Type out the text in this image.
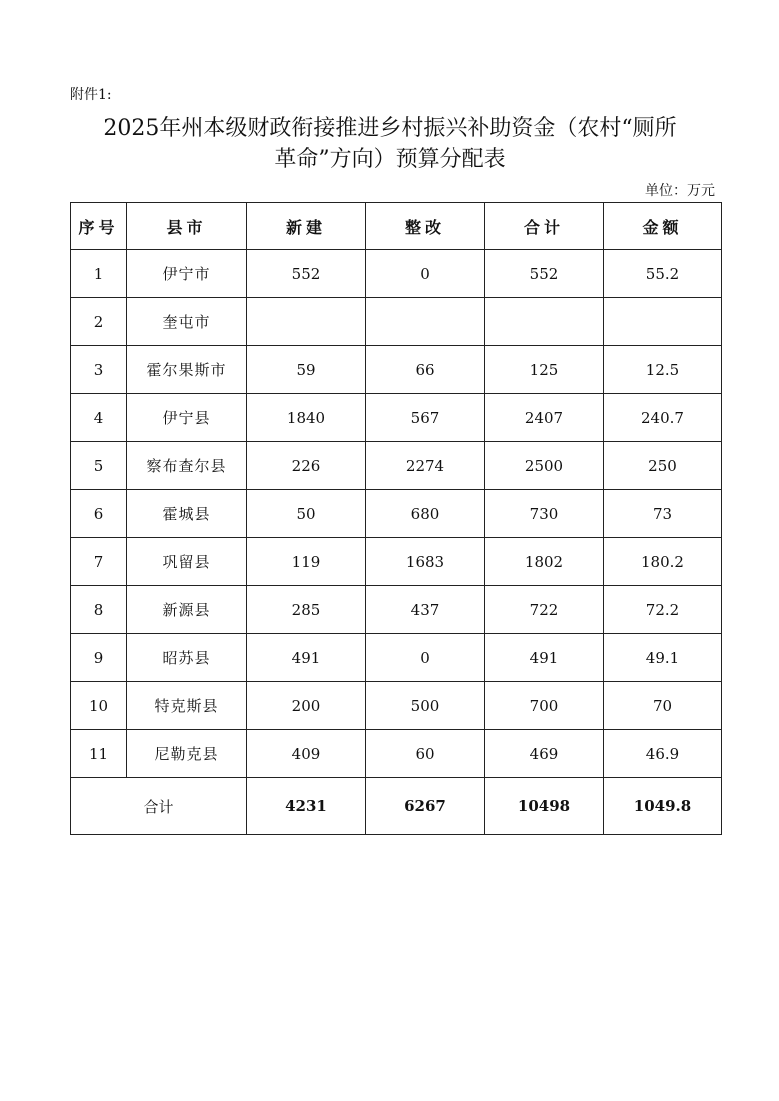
附件1:
2025年州本级财政衔接推进乡村振兴补助资金（农村“厕所
革命”方向）预算分配表
单位：万元
序号	县市	新建	整改	合计	金额
1	伊宁市	552	0	552	55.2
2	奎屯市				
3	霍尔果斯市	59	66	125	12.5
4	伊宁县	1840	567	2407	240.7
5	察布查尔县	226	2274	2500	250
6	霍城县	50	680	730	73
7	巩留县	119	1683	1802	180.2
8	新源县	285	437	722	72.2
9	昭苏县	491	0	491	49.1
10	特克斯县	200	500	700	70
11	尼勒克县	409	60	469	46.9
合计		4231	6267	10498	1049.8
